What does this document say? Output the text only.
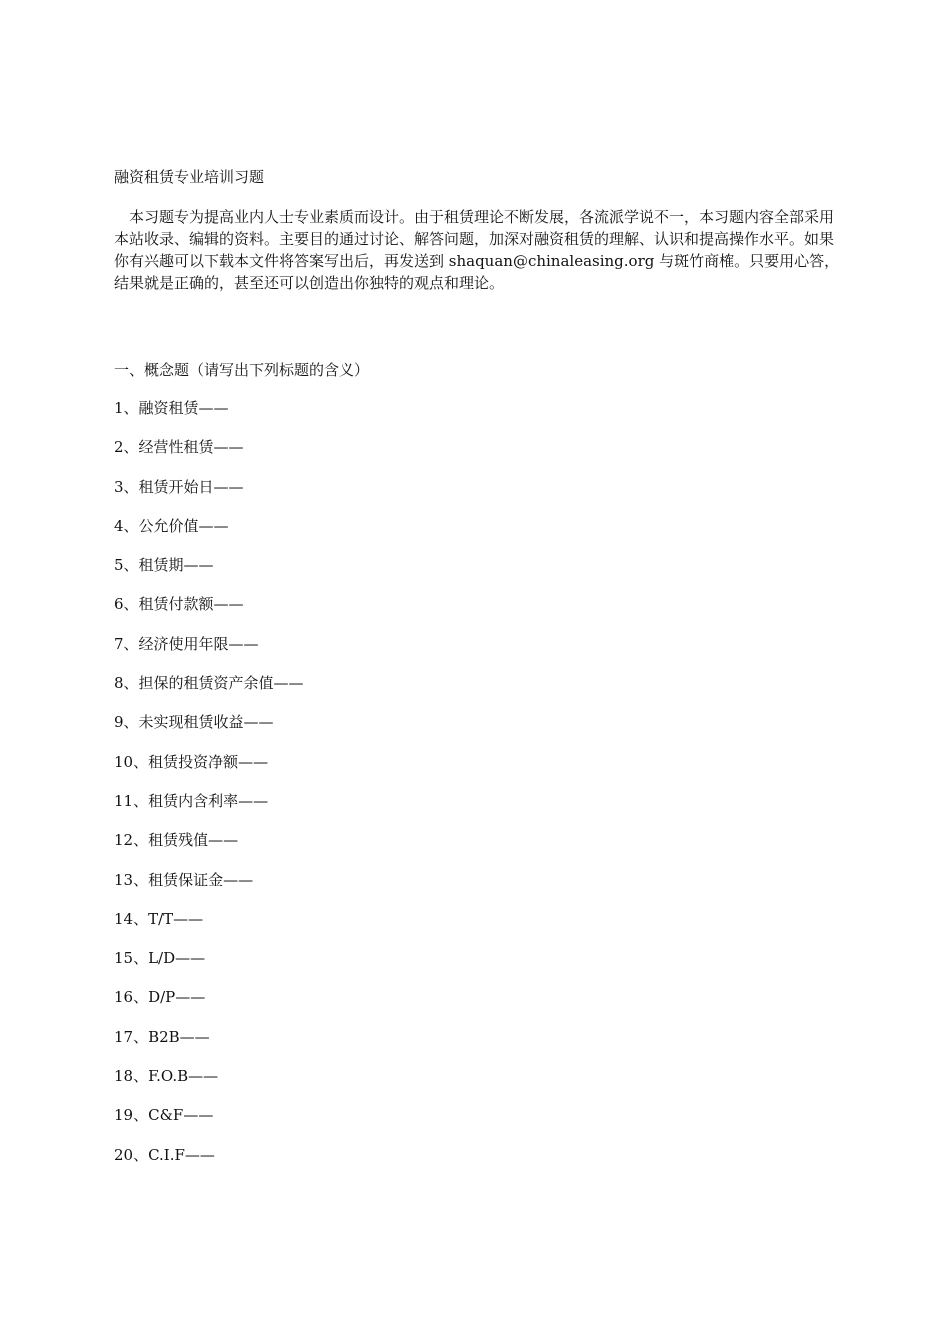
融资租赁专业培训习题

本习题专为提高业内人士专业素质而设计。由于租赁理论不断发展，各流派学说不一，本习题内容全部采用本站收录、编辑的资料。主要目的通过讨论、解答问题，加深对融资租赁的理解、认识和提高操作水平。如果你有兴趣可以下载本文件将答案写出后，再发送到 shaquan@chinaleasing.org 与斑竹商榷。只要用心答，结果就是正确的，甚至还可以创造出你独特的观点和理论。

一、概念题（请写出下列标题的含义）
1、融资租赁——
2、经营性租赁——
3、租赁开始日——
4、公允价值——
5、租赁期——
6、租赁付款额——
7、经济使用年限——
8、担保的租赁资产余值——
9、未实现租赁收益——
10、租赁投资净额——
11、租赁内含利率——
12、租赁残值——
13、租赁保证金——
14、T/T——
15、L/D——
16、D/P——
17、B2B——
18、F.O.B——
19、C&F——
20、C.I.F——
